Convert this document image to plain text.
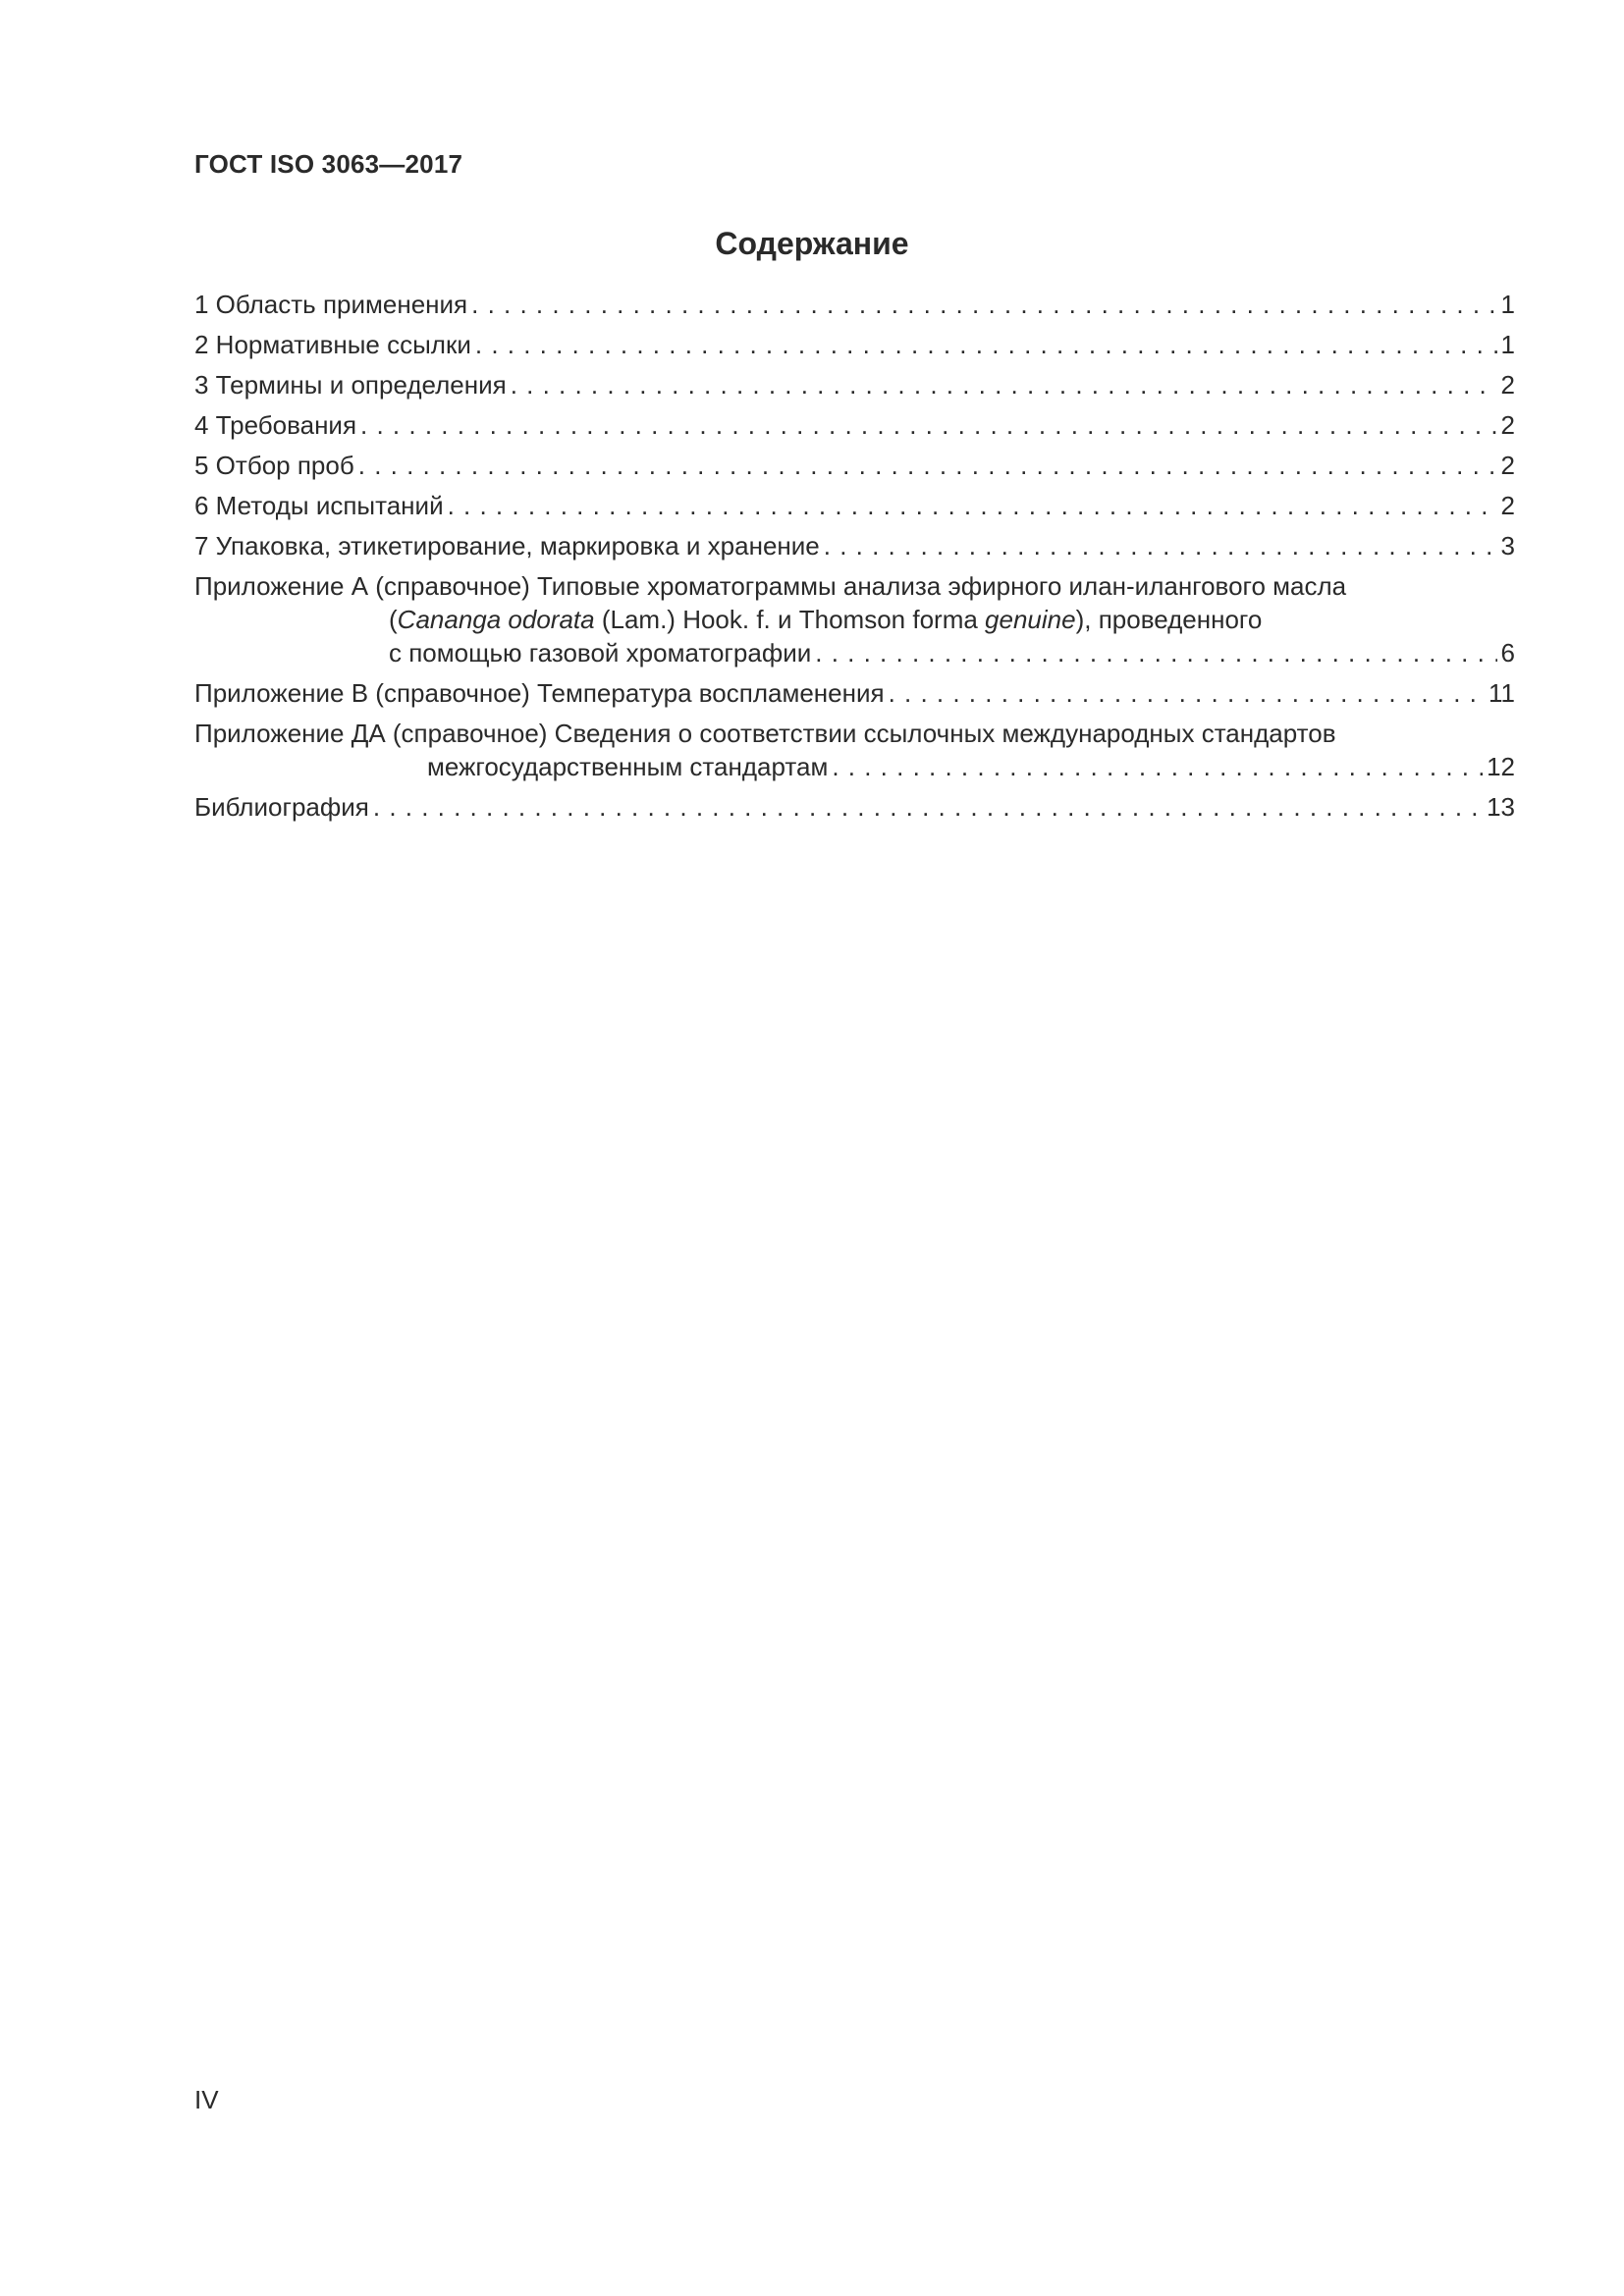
ГОСТ ISO 3063—2017
Содержание
1 Область применения . . .	1
2 Нормативные ссылки . . .	1
3 Термины и определения . . .	2
4 Требования . . .	2
5 Отбор проб . . .	2
6 Методы испытаний . . .	2
7 Упаковка, этикетирование, маркировка и хранение . . .	3
Приложение А (справочное) Типовые хроматограммы анализа эфирного илан-илангового масла
(Cananga odorata (Lam.) Hook. f. и Thomson forma genuine), проведенного
с помощью газовой хроматографии . . .	6
Приложение В (справочное) Температура воспламенения . . .	11
Приложение ДА (справочное) Сведения о соответствии ссылочных международных стандартов
межгосударственным стандартам . . .	12
Библиография . . .	13
IV
